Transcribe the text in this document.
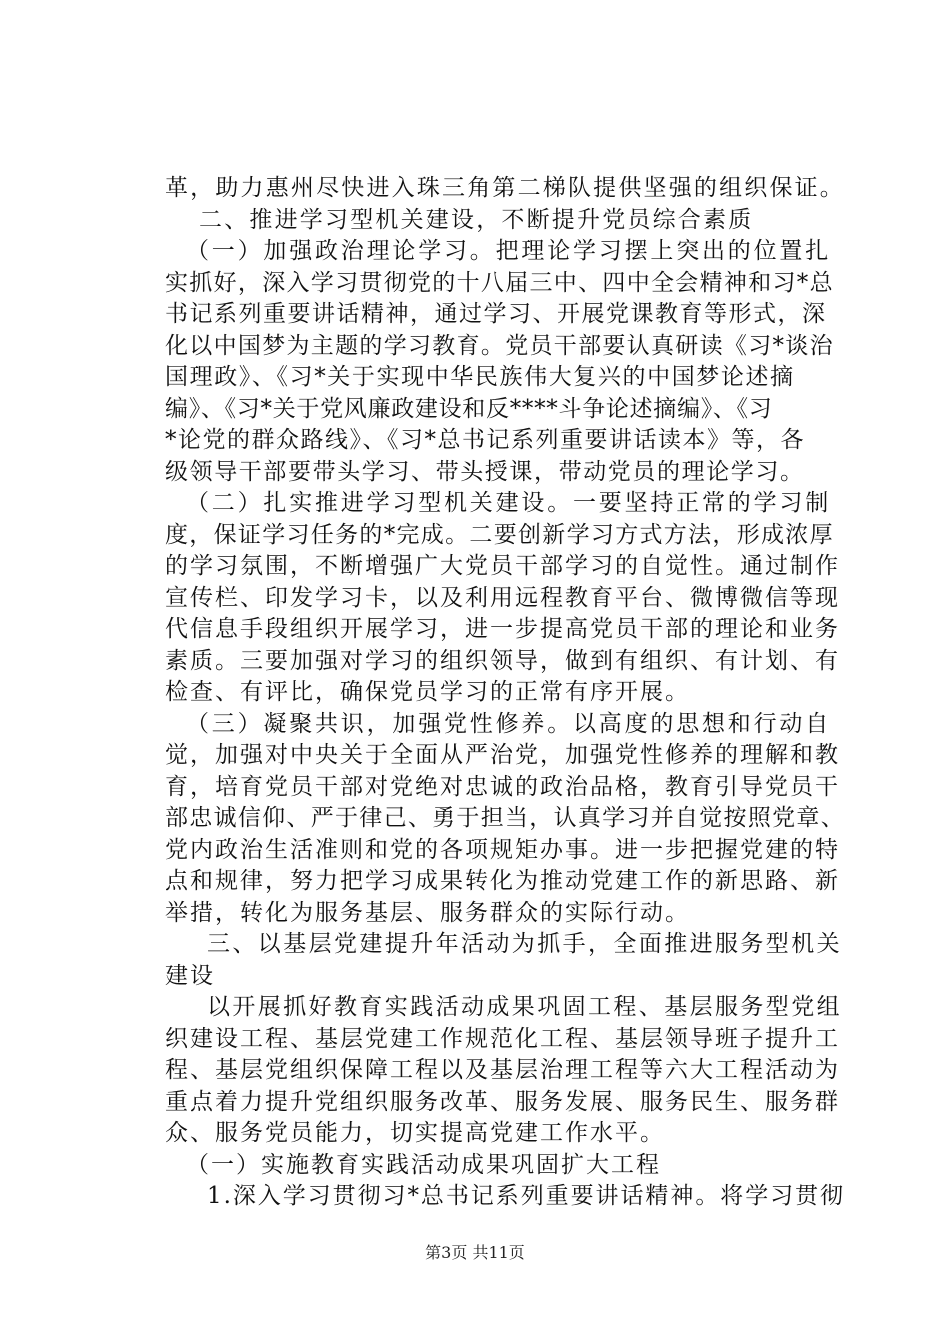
革，助力惠州尽快进入珠三角第二梯队提供坚强的组织保证。
二、推进学习型机关建设，不断提升党员综合素质
（一）加强政治理论学习。把理论学习摆上突出的位置扎
实抓好，深入学习贯彻党的十八届三中、四中全会精神和习*总
书记系列重要讲话精神，通过学习、开展党课教育等形式，深
化以中国梦为主题的学习教育。党员干部要认真研读《习*谈治
国理政》、《习*关于实现中华民族伟大复兴的中国梦论述摘
编》、《习*关于党风廉政建设和反****斗争论述摘编》、《习
*论党的群众路线》、《习*总书记系列重要讲话读本》等，各
级领导干部要带头学习、带头授课，带动党员的理论学习。
（二）扎实推进学习型机关建设。一要坚持正常的学习制
度，保证学习任务的*完成。二要创新学习方式方法，形成浓厚
的学习氛围，不断增强广大党员干部学习的自觉性。通过制作
宣传栏、印发学习卡，以及利用远程教育平台、微博微信等现
代信息手段组织开展学习，进一步提高党员干部的理论和业务
素质。三要加强对学习的组织领导，做到有组织、有计划、有
检查、有评比，确保党员学习的正常有序开展。
（三）凝聚共识，加强党性修养。以高度的思想和行动自
觉，加强对中央关于全面从严治党，加强党性修养的理解和教
育，培育党员干部对党绝对忠诚的政治品格，教育引导党员干
部忠诚信仰、严于律己、勇于担当，认真学习并自觉按照党章、
党内政治生活准则和党的各项规矩办事。进一步把握党建的特
点和规律，努力把学习成果转化为推动党建工作的新思路、新
举措，转化为服务基层、服务群众的实际行动。
三、以基层党建提升年活动为抓手，全面推进服务型机关
建设
以开展抓好教育实践活动成果巩固工程、基层服务型党组
织建设工程、基层党建工作规范化工程、基层领导班子提升工
程、基层党组织保障工程以及基层治理工程等六大工程活动为
重点着力提升党组织服务改革、服务发展、服务民生、服务群
众、服务党员能力，切实提高党建工作水平。
（一）实施教育实践活动成果巩固扩大工程
1.深入学习贯彻习*总书记系列重要讲话精神。将学习贯彻
第3页 共11页
